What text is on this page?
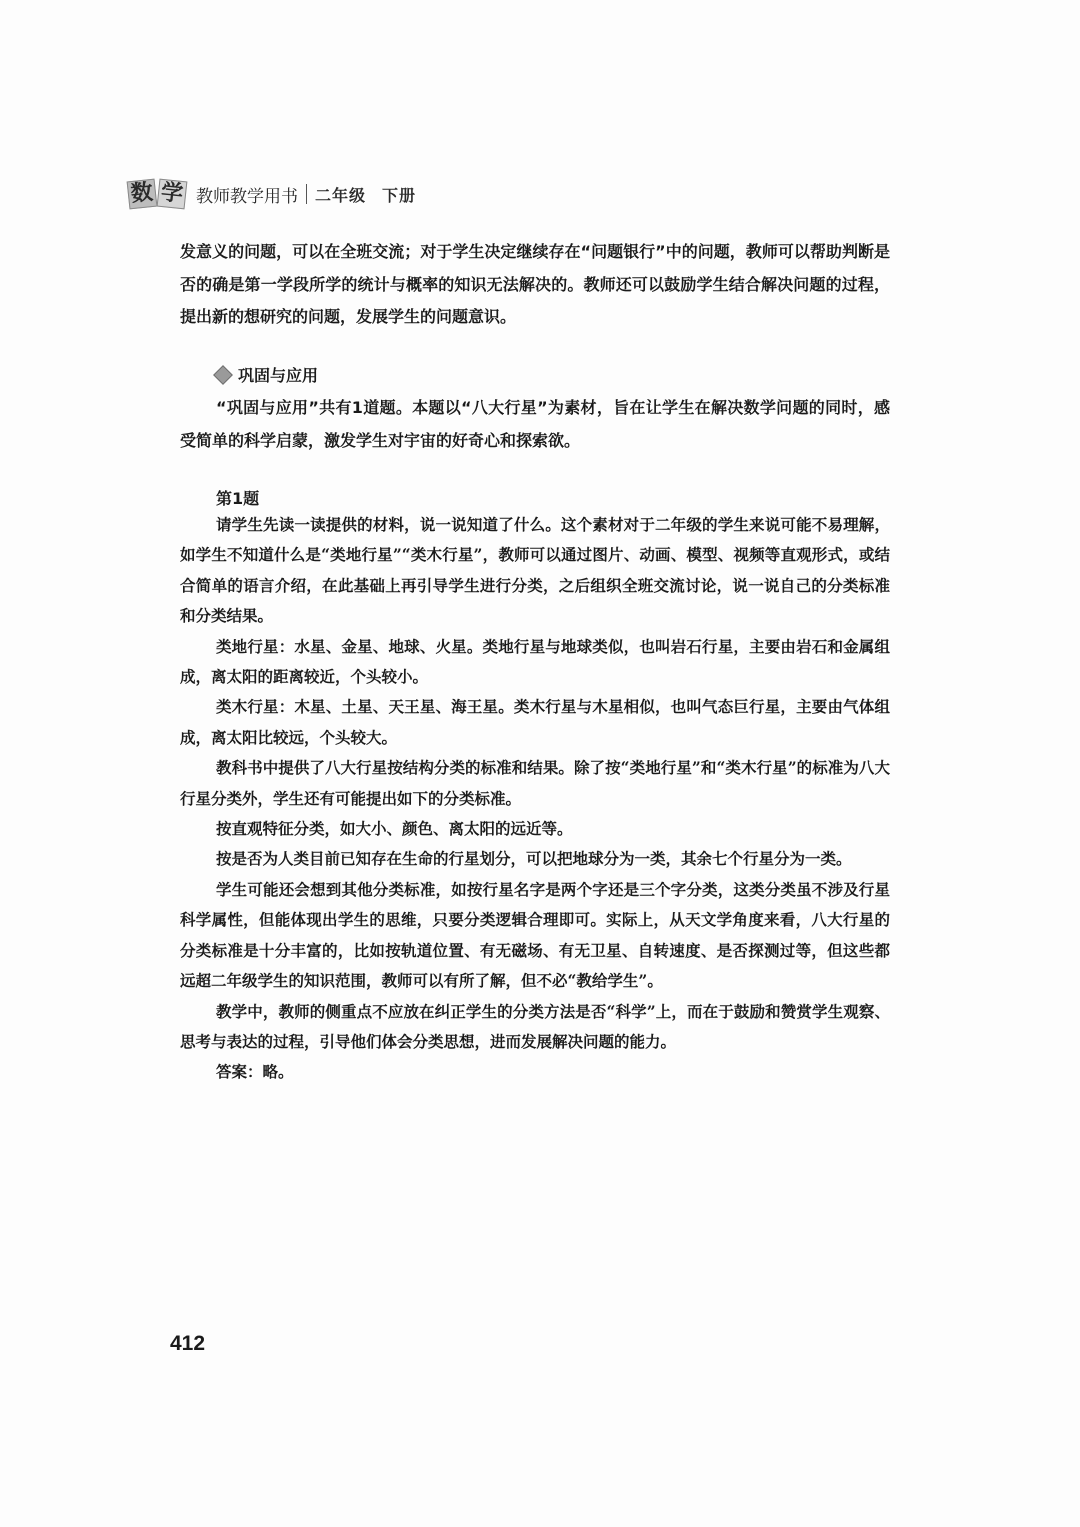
数 学 教师教学用书 二年级 下册
发意义的问题，可以在全班交流；对于学生决定继续存在“问题银行”中的问题，教师可以帮助判断是否的确是第一学段所学的统计与概率的知识无法解决的。教师还可以鼓励学生结合解决问题的过程，提出新的想研究的问题，发展学生的问题意识。
巩固与应用
“巩固与应用”共有1道题。本题以“八大行星”为素材，旨在让学生在解决数学问题的同时，感受简单的科学启蒙，激发学生对宇宙的好奇心和探索欲。
第1题

请学生先读一读提供的材料，说一说知道了什么。这个素材对于二年级的学生来说可能不易理解，如学生不知道什么是“类地行星”“类木行星”，教师可以通过图片、动画、模型、视频等直观形式，或结合简单的语言介绍，在此基础上再引导学生进行分类，之后组织全班交流讨论，说一说自己的分类标准和分类结果。

类地行星：水星、金星、地球、火星。类地行星与地球类似，也叫岩石行星，主要由岩石和金属组成，离太阳的距离较近，个头较小。

类木行星：木星、土星、天王星、海王星。类木行星与木星相似，也叫气态巨行星，主要由气体组成，离太阳比较远，个头较大。

教科书中提供了八大行星按结构分类的标准和结果。除了按“类地行星”和“类木行星”的标准为八大行星分类外，学生还有可能提出如下的分类标准。

按直观特征分类，如大小、颜色、离太阳的远近等。

按是否为人类目前已知存在生命的行星划分，可以把地球分为一类，其余七个行星分为一类。

学生可能还会想到其他分类标准，如按行星名字是两个字还是三个字分类，这类分类虽不涉及行星科学属性，但能体现出学生的思维，只要分类逻辑合理即可。实际上，从天文学角度来看，八大行星的分类标准是十分丰富的，比如按轨道位置、有无磁场、有无卫星、自转速度、是否探测过等，但这些都远超二年级学生的知识范围，教师可以有所了解，但不必“教给学生”。

教学中，教师的侧重点不应放在纠正学生的分类方法是否“科学”上，而在于鼓励和赞赏学生观察、思考与表达的过程，引导他们体会分类思想，进而发展解决问题的能力。

答案：略。

412
